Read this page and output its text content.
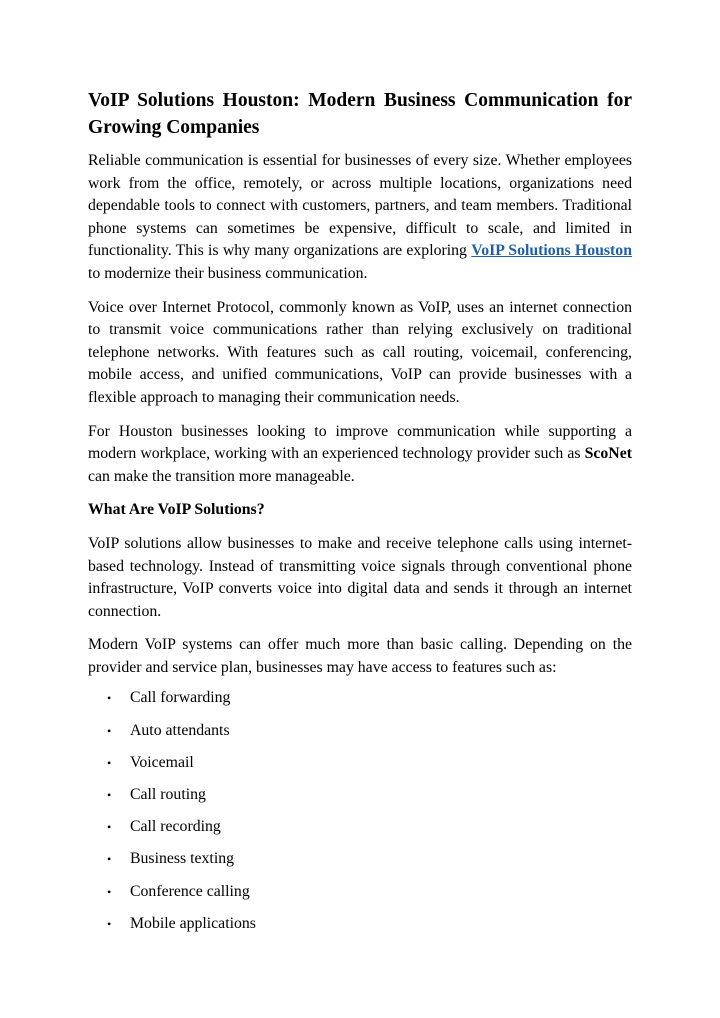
VoIP Solutions Houston: Modern Business Communication for Growing Companies

Reliable communication is essential for businesses of every size. Whether employees work from the office, remotely, or across multiple locations, organizations need dependable tools to connect with customers, partners, and team members. Traditional phone systems can sometimes be expensive, difficult to scale, and limited in functionality. This is why many organizations are exploring VoIP Solutions Houston to modernize their business communication.

Voice over Internet Protocol, commonly known as VoIP, uses an internet connection to transmit voice communications rather than relying exclusively on traditional telephone networks. With features such as call routing, voicemail, conferencing, mobile access, and unified communications, VoIP can provide businesses with a flexible approach to managing their communication needs.

For Houston businesses looking to improve communication while supporting a modern workplace, working with an experienced technology provider such as ScoNet can make the transition more manageable.

What Are VoIP Solutions?

VoIP solutions allow businesses to make and receive telephone calls using internet-based technology. Instead of transmitting voice signals through conventional phone infrastructure, VoIP converts voice into digital data and sends it through an internet connection.

Modern VoIP systems can offer much more than basic calling. Depending on the provider and service plan, businesses may have access to features such as:

• Call forwarding
• Auto attendants
• Voicemail
• Call routing
• Call recording
• Business texting
• Conference calling
• Mobile applications
